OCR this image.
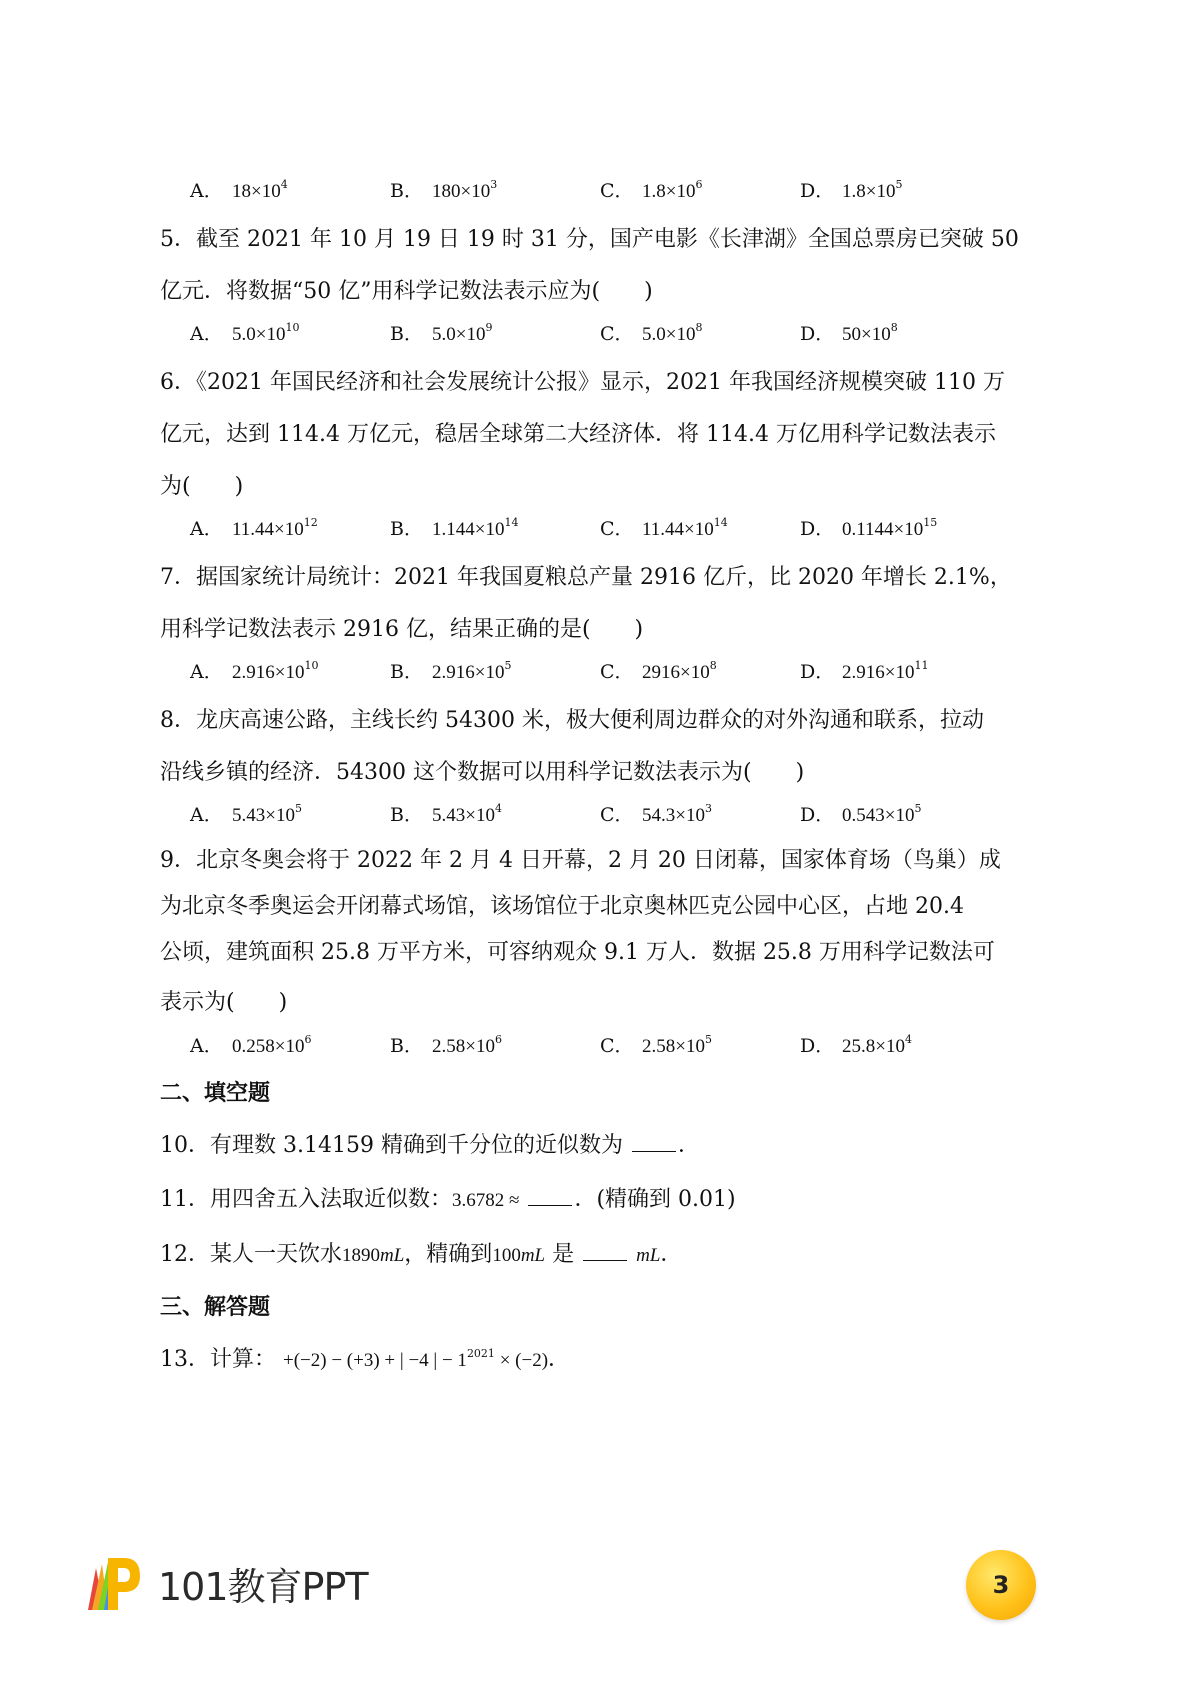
A． $18\times 10^4$	B． $180\times 10^3$	C． $1.8\times 10^6$	D． $1.8\times 10^5$

5．截至 2021 年 10 月 19 日 19 时 31 分，国产电影《长津湖》全国总票房已突破 50

亿元．将数据“50 亿”用科学记数法表示应为(　　)

A． $5.0\times 10^{10}$	B． $5.0\times 10^9$	C． $5.0\times 10^8$	D． $50\times 10^8$

6．《2021 年国民经济和社会发展统计公报》显示，2021 年我国经济规模突破 110 万

亿元，达到 114.4 万亿元，稳居全球第二大经济体．将 114.4 万亿用科学记数法表示

为(　　)

A． $11.44\times 10^{12}$	B． $1.144\times 10^{14}$	C． $11.44\times 10^{14}$	D． $0.1144\times 10^{15}$

7．据国家统计局统计：2021 年我国夏粮总产量 2916 亿斤，比 2020 年增长 2.1%，

用科学记数法表示 2916 亿，结果正确的是(　　)

A． $2.916\times 10^{10}$	B． $2.916\times 10^5$	C． $2916\times 10^8$	D． $2.916\times 10^{11}$

8．龙庆高速公路，主线长约 54300 米，极大便利周边群众的对外沟通和联系，拉动

沿线乡镇的经济．54300 这个数据可以用科学记数法表示为(　　)

A． $5.43\times 10^5$	B． $5.43\times 10^4$	C． $54.3\times 10^3$	D． $0.543\times 10^5$

9．北京冬奥会将于 2022 年 2 月 4 日开幕，2 月 20 日闭幕，国家体育场（鸟巢）成

为北京冬季奥运会开闭幕式场馆，该场馆位于北京奥林匹克公园中心区，占地 20.4

公顷，建筑面积 25.8 万平方米，可容纳观众 9.1 万人．数据 25.8 万用科学记数法可

表示为(　　)

A． $0.258\times 10^6$	B． $2.58\times 10^6$	C． $2.58\times 10^5$	D． $25.8\times 10^4$
二、填空题

10．有理数 3.14159 精确到千分位的近似数为	．

11．用四舍五入法取近似数：3.6782 ≈	．(精确到 0.01)

12．某人一天饮水1890mL，精确到100mL 是	mL．

三、解答题

13．计算： +(−2) − (+3) + | −4 | − $1^{2021} \times (-2)$．

101教育PPT	3
